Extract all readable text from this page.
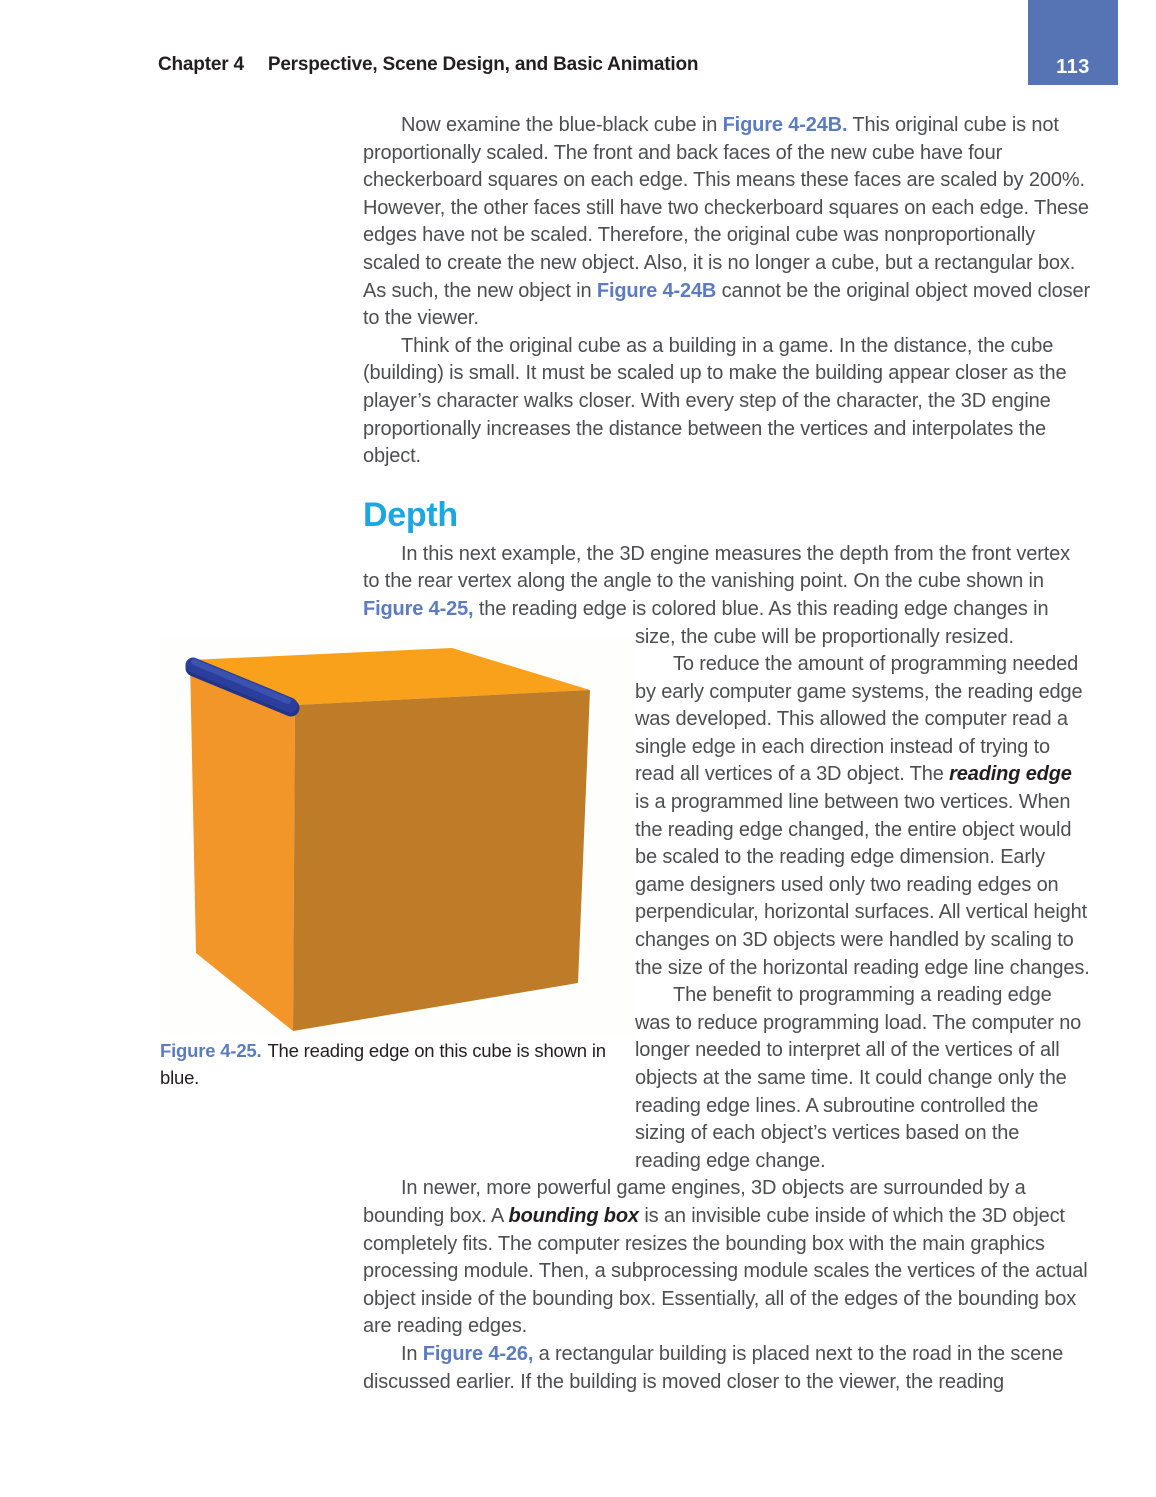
Chapter 4 Perspective, Scene Design, and Basic Animation	113

Now examine the blue-black cube in Figure 4-24B. This original cube is not proportionally scaled. The front and back faces of the new cube have four checkerboard squares on each edge. This means these faces are scaled by 200%. However, the other faces still have two checkerboard squares on each edge. These edges have not be scaled. Therefore, the original cube was nonproportionally scaled to create the new object. Also, it is no longer a cube, but a rectangular box. As such, the new object in Figure 4-24B cannot be the original object moved closer to the viewer.

Think of the original cube as a building in a game. In the distance, the cube (building) is small. It must be scaled up to make the building appear closer as the player’s character walks closer. With every step of the character, the 3D engine proportionally increases the distance between the vertices and interpolates the object.

Depth

In this next example, the 3D engine measures the depth from the front vertex to the rear vertex along the angle to the vanishing point. On the cube shown in Figure 4-25, the reading edge is colored blue. As this reading
Figure 4-25. The reading edge on this cube is shown in blue.
edge changes in size, the cube will be proportionally resized.

To reduce the amount of programming needed by early computer game systems, the reading edge was developed. This allowed the computer read a single edge in each direction instead of trying to read all vertices of a 3D object. The reading edge is a programmed line between two vertices. When the reading edge changed, the entire object would be scaled to the reading edge dimension. Early game designers used only two reading edges on perpendicular, horizontal surfaces. All vertical height changes on 3D objects were handled by scaling to the size of the horizontal reading edge line changes.

The benefit to programming a reading edge was to reduce programming load. The computer no longer needed to interpret all of the vertices of all objects at the same time. It could change only the reading edge lines. A subroutine controlled the sizing of each object’s vertices based on the reading edge change.

In newer, more powerful game engines, 3D objects are surrounded by a bounding box. A bounding box is an invisible cube inside of which the 3D object completely fits. The computer resizes the bounding box with the main graphics processing module. Then, a subprocessing module scales the vertices of the actual object inside of the bounding box. Essentially, all of the edges of the bounding box are reading edges.

In Figure 4-26, a rectangular building is placed next to the road in the scene discussed earlier. If the building is moved closer to the viewer, the reading
